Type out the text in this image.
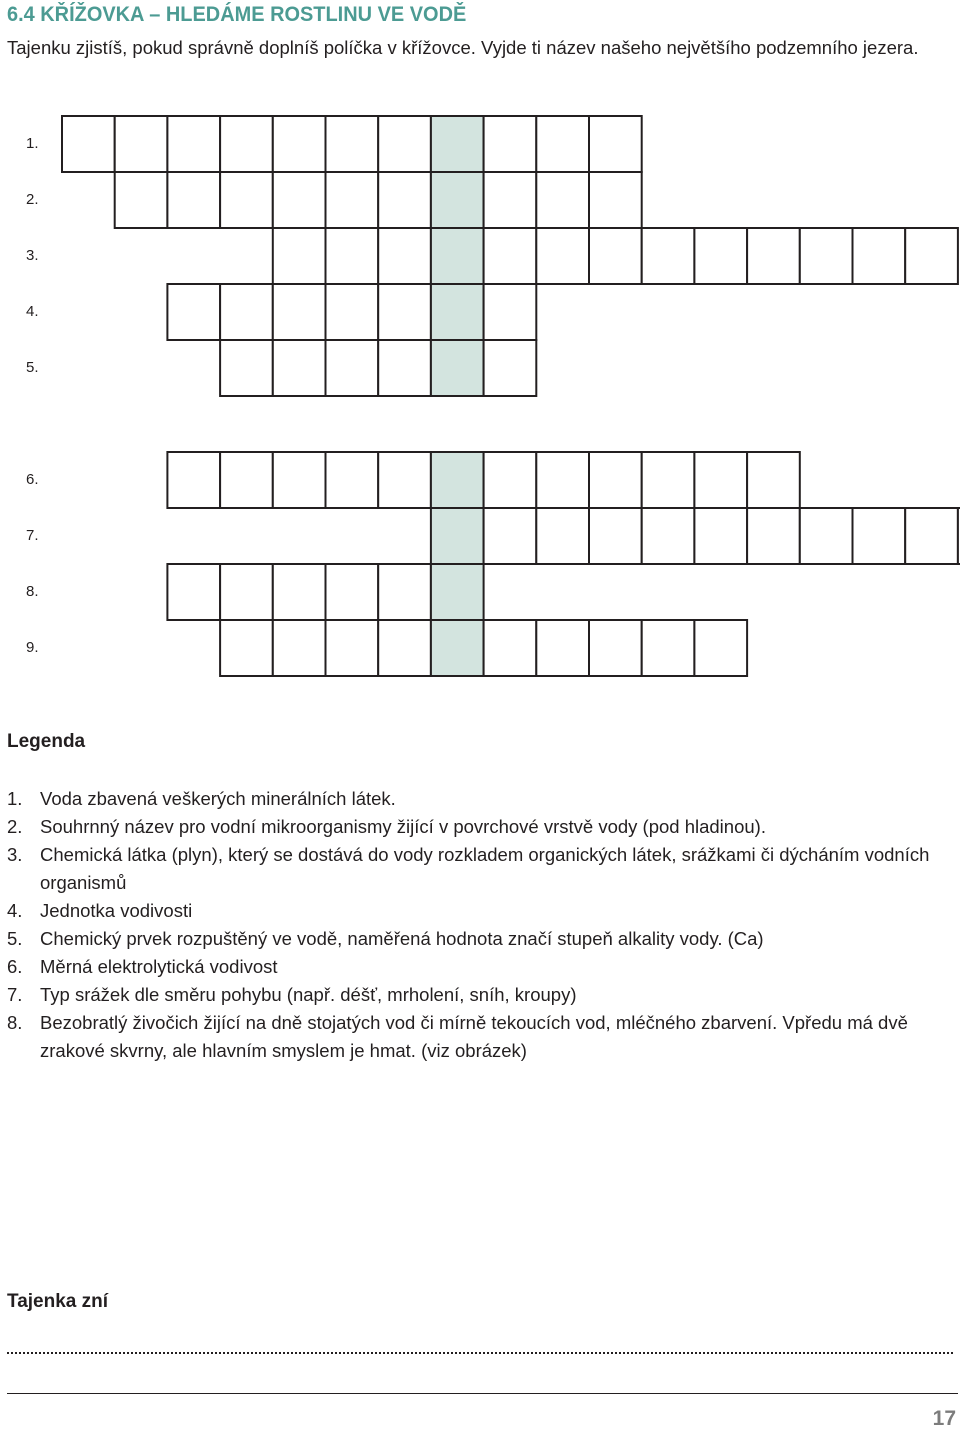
6.4 KŘÍŽOVKA – HLEDÁME ROSTLINU VE VODĚ

Tajenku zjistíš, pokud správně doplníš políčka v křížovce. Vyjde ti název našeho největšího podzemního jezera.

1.
2.
3.
4.
5.
6.
7.
8.
9.
Legenda
1. Voda zbavená veškerých minerálních látek.
2. Souhrnný název pro vodní mikroorganismy žijící v povrchové vrstvě vody (pod hladinou).
3. Chemická látka (plyn), který se dostává do vody rozkladem organických látek, srážkami či dýcháním vodních organismů
4. Jednotka vodivosti
5. Chemický prvek rozpuštěný ve vodě, naměřená hodnota značí stupeň alkality vody. (Ca)
6. Měrná elektrolytická vodivost
7. Typ srážek dle směru pohybu (např. déšť, mrholení, sníh, kroupy)
8. Bezobratlý živočich žijící na dně stojatých vod či mírně tekoucích vod, mléčného zbarvení. Vpředu má dvě zrakové skvrny, ale hlavním smyslem je hmat. (viz obrázek)
Tajenka zní
17
